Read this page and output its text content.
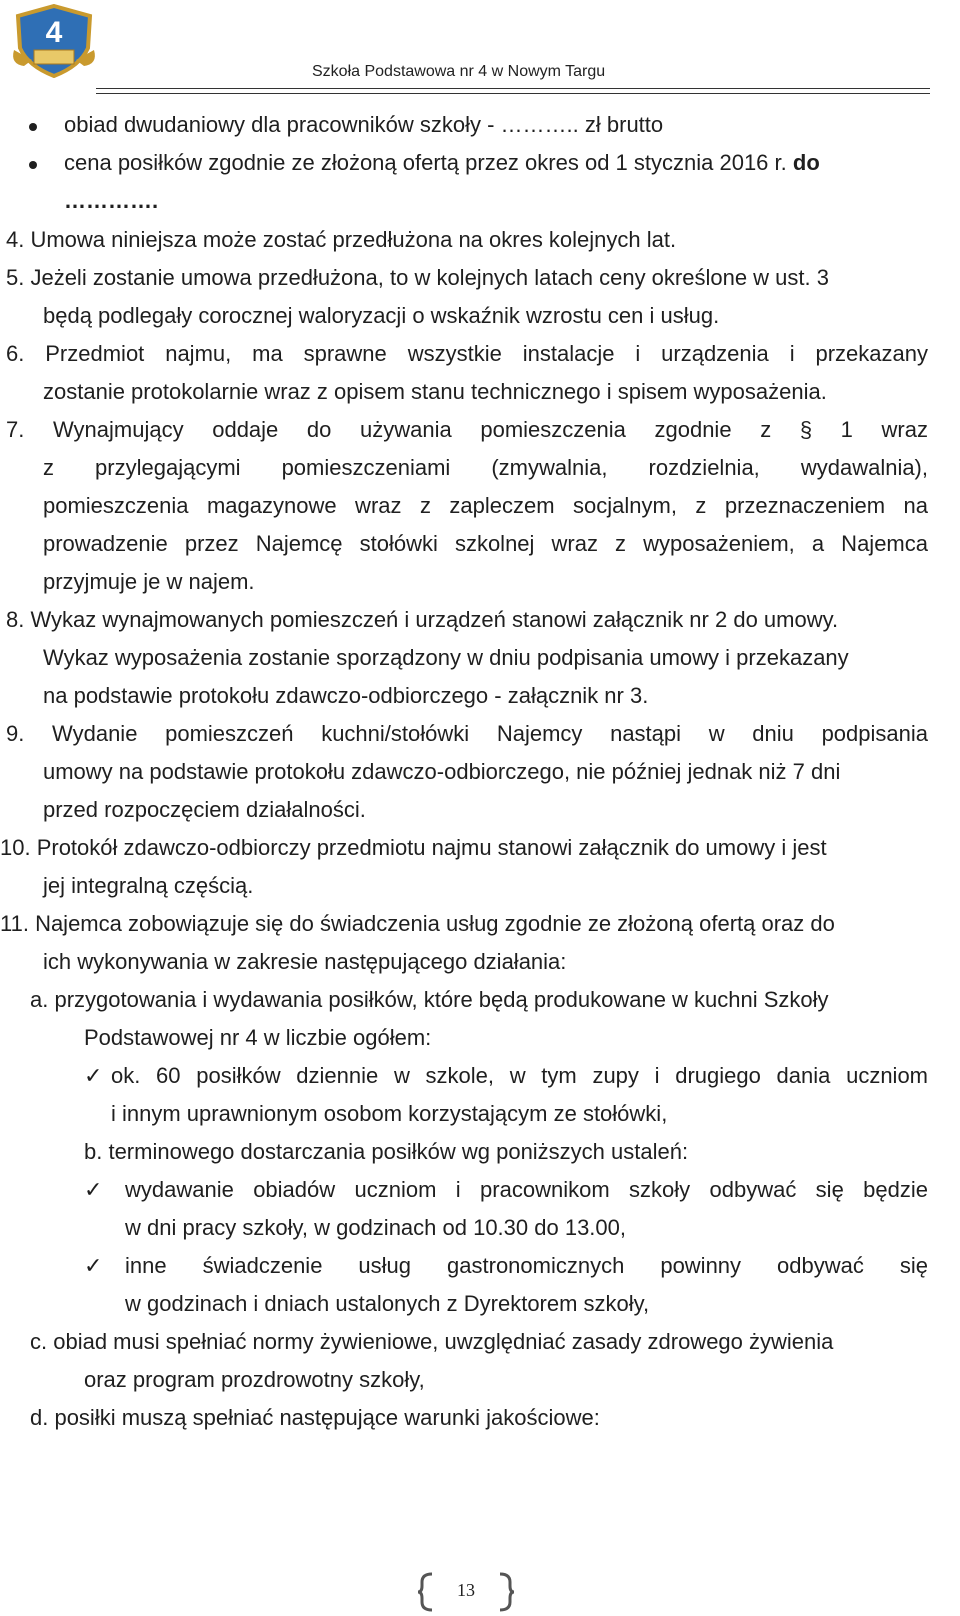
4
Szkoła Podstawowa nr 4 w Nowym Targu
obiad dwudaniowy dla pracowników szkoły - ……….. zł brutto
cena posiłków zgodnie ze złożoną ofertą przez okres od 1 stycznia 2016 r. do
………….
4. Umowa niniejsza może zostać przedłużona na okres kolejnych lat.
5. Jeżeli zostanie umowa przedłużona, to w kolejnych latach ceny określone w ust. 3
będą podlegały corocznej waloryzacji o wskaźnik wzrostu cen i usług.
6. Przedmiot najmu, ma sprawne wszystkie instalacje i urządzenia i przekazany
zostanie protokolarnie wraz z opisem stanu technicznego i spisem wyposażenia.
7. Wynajmujący oddaje do używania pomieszczenia zgodnie z § 1 wraz
z przylegającymi pomieszczeniami (zmywalnia, rozdzielnia, wydawalnia),
pomieszczenia magazynowe wraz z zapleczem socjalnym, z przeznaczeniem na
prowadzenie przez Najemcę stołówki szkolnej wraz z wyposażeniem, a Najemca
przyjmuje je w najem.
8. Wykaz wynajmowanych pomieszczeń i urządzeń stanowi załącznik nr 2 do umowy.
Wykaz wyposażenia zostanie sporządzony w dniu podpisania umowy i przekazany
na podstawie protokołu zdawczo-odbiorczego - załącznik nr 3.
9. Wydanie pomieszczeń kuchni/stołówki Najemcy nastąpi w dniu podpisania
umowy na podstawie protokołu zdawczo-odbiorczego, nie później jednak niż 7 dni
przed rozpoczęciem działalności.
10. Protokół zdawczo-odbiorczy przedmiotu najmu stanowi załącznik do umowy i jest
jej integralną częścią.
11. Najemca zobowiązuje się do świadczenia usług zgodnie ze złożoną ofertą oraz do
ich wykonywania w zakresie następującego działania:
a. przygotowania i wydawania posiłków, które będą produkowane w kuchni Szkoły
Podstawowej nr 4 w liczbie ogółem:
✓ ok. 60 posiłków dziennie w szkole, w tym zupy i drugiego dania uczniom
i innym uprawnionym osobom korzystającym ze stołówki,
b. terminowego dostarczania posiłków wg poniższych ustaleń:
✓ wydawanie obiadów uczniom i pracownikom szkoły odbywać się będzie
w dni pracy szkoły, w godzinach od 10.30 do 13.00,
✓ inne świadczenie usług gastronomicznych powinny odbywać się
w godzinach i dniach ustalonych z Dyrektorem szkoły,
c. obiad musi spełniać normy żywieniowe, uwzględniać zasady zdrowego żywienia
oraz program prozdrowotny szkoły,
d. posiłki muszą spełniać następujące warunki jakościowe:
13
